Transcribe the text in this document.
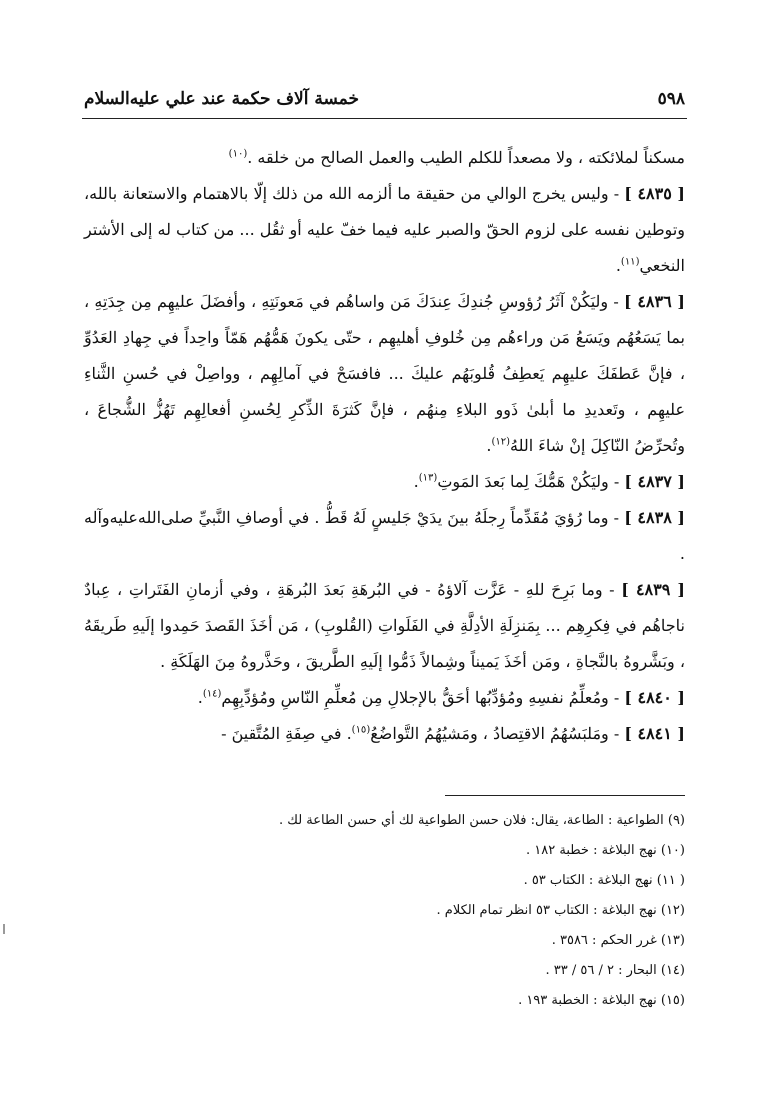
٥٩٨
خمسة آلاف حكمة عند علي عليه‌السلام

مسكناً لملائكته ، ولا مصعداً للكلم الطيب والعمل الصالح من خلقه .$^{(١٠)}$

[ ٤٨٣٥ ] - وليس يخرج الوالي من حقيقة ما ألزمه الله من ذلك إلّا بالاهتمام والاستعانة بالله، وتوطين نفسه على لزوم الحقّ والصبر عليه فيما خفّ عليه أو ثقُل ... من كتاب له إلى الأشتر النخعي$^{(١١)}$.

[ ٤٨٣٦ ] - وليَكُنْ آثَرُ رُؤوسِ جُندِكَ عِندَكَ مَن واساهُم في مَعونَتِهِ ، وأفضَلَ عليهِم مِن جِدَتِهِ ، بما يَسَعُهُم ويَسَعُ مَن وراءهُم مِن خُلوفِ أهليهِم ، حتّى يكونَ هَمُّهُم هَمّاً واحِداً في جِهادِ العَدُوِّ ، فإنَّ عَطفَكَ عليهِم يَعطِفُ قُلوبَهُم عليكَ ... فافسَحْ في آمالِهِم ، وواصِلْ في حُسنِ الثَّناءِ عليهِم ، وتَعديدِ ما أبلىٰ ذَوو البلاءِ مِنهُم ، فإنَّ كَثرَةَ الذِّكرِ لِحُسنِ أفعالِهِم تَهُزُّ الشُّجاعَ ، وتُحرِّضُ النّاكِلَ إنْ شاءَ اللهُ$^{(١٢)}$.

[ ٤٨٣٧ ] - وليَكُنْ هَمُّكَ لِما بَعدَ المَوتِ$^{(١٣)}$.

[ ٤٨٣٨ ] - وما رُؤيَ مُقَدِّماً رِجلَهُ بينَ يدَيْ جَليسٍ لَهُ قَطُّ . في أوصافِ النَّبيِّ صلى‌الله‌عليه‌وآله .

[ ٤٨٣٩ ] - وما بَرِحَ للهِ - عَزَّت آلاؤهُ - في البُرهَةِ بَعدَ البُرهَةِ ، وفي أزمانِ الفَتَراتِ ، عِبادٌ ناجاهُم في فِكرِهِم ... بِمَنزِلَةِ الأدِلَّةِ في الفَلَواتِ (القُلوبِ) ، مَن أخَذَ القَصدَ حَمِدوا إلَيهِ طَريقَهُ ، وبَشَّروهُ بالنَّجاةِ ، ومَن أخَذَ يَميناً وشِمالاً ذَمُّوا إلَيهِ الطَّريقَ ، وحَذَّروهُ مِنَ الهَلَكَةِ .

[ ٤٨٤٠ ] - ومُعلِّمُ نفسِهِ ومُؤدِّبُها أحَقُّ بالإجلالِ مِن مُعلِّمِ النّاسِ ومُؤدِّبِهِم$^{(١٤)}$.

[ ٤٨٤١ ] - ومَلبَسُهُمُ الاقتِصادُ ، ومَشيُهُمُ التَّواضُعُ$^{(١٥)}$. في صِفَةِ المُتَّقينَ -

(٩) الطواعية : الطاعة، يقال: فلان حسن الطواعية لك أي حسن الطاعة لك .

(١٠) نهج البلاغة : خطبة ١٨٢ .

( ١١) نهج البلاغة : الكتاب ٥٣ .

(١٢) نهج البلاغة : الكتاب ٥٣ انظر تمام الكلام .

(١٣) غرر الحكم : ٣٥٨٦ .

(١٤) البحار : ٢ / ٥٦ / ٣٣ .

(١٥) نهج البلاغة : الخطبة ١٩٣ .
